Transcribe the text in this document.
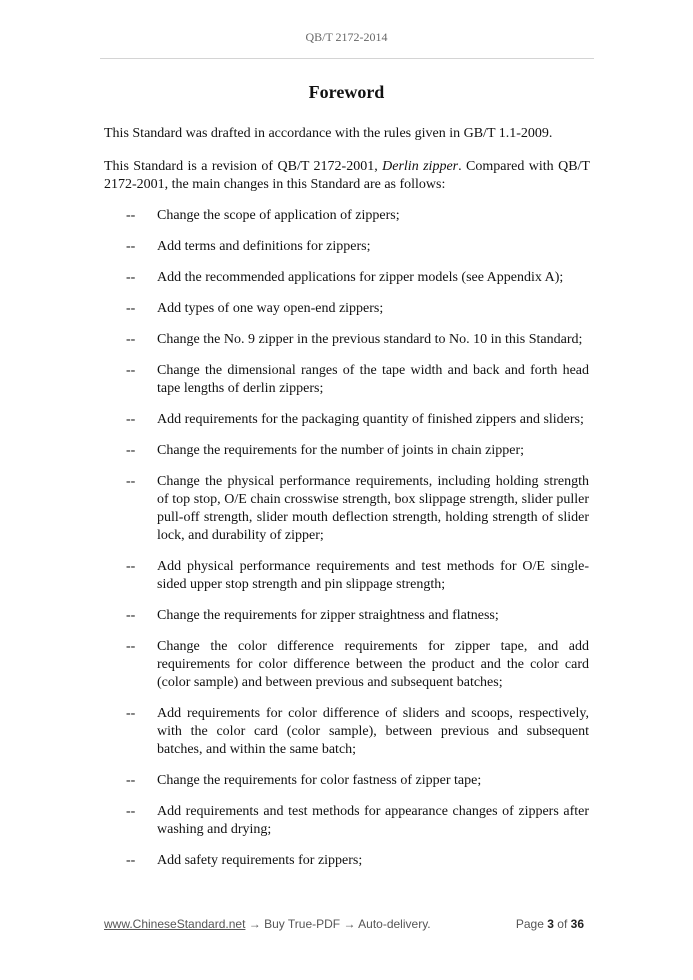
QB/T 2172-2014
Foreword
This Standard was drafted in accordance with the rules given in GB/T 1.1-2009.
This Standard is a revision of QB/T 2172-2001, Derlin zipper. Compared with QB/T 2172-2001, the main changes in this Standard are as follows:
-- Change the scope of application of zippers;
-- Add terms and definitions for zippers;
-- Add the recommended applications for zipper models (see Appendix A);
-- Add types of one way open-end zippers;
-- Change the No. 9 zipper in the previous standard to No. 10 in this Standard;
-- Change the dimensional ranges of the tape width and back and forth head tape lengths of derlin zippers;
-- Add requirements for the packaging quantity of finished zippers and sliders;
-- Change the requirements for the number of joints in chain zipper;
-- Change the physical performance requirements, including holding strength of top stop, O/E chain crosswise strength, box slippage strength, slider puller pull-off strength, slider mouth deflection strength, holding strength of slider lock, and durability of zipper;
-- Add physical performance requirements and test methods for O/E single-sided upper stop strength and pin slippage strength;
-- Change the requirements for zipper straightness and flatness;
-- Change the color difference requirements for zipper tape, and add requirements for color difference between the product and the color card (color sample) and between previous and subsequent batches;
-- Add requirements for color difference of sliders and scoops, respectively, with the color card (color sample), between previous and subsequent batches, and within the same batch;
-- Change the requirements for color fastness of zipper tape;
-- Add requirements and test methods for appearance changes of zippers after washing and drying;
-- Add safety requirements for zippers;
www.ChineseStandard.net → Buy True-PDF → Auto-delivery.	Page 3 of 36
